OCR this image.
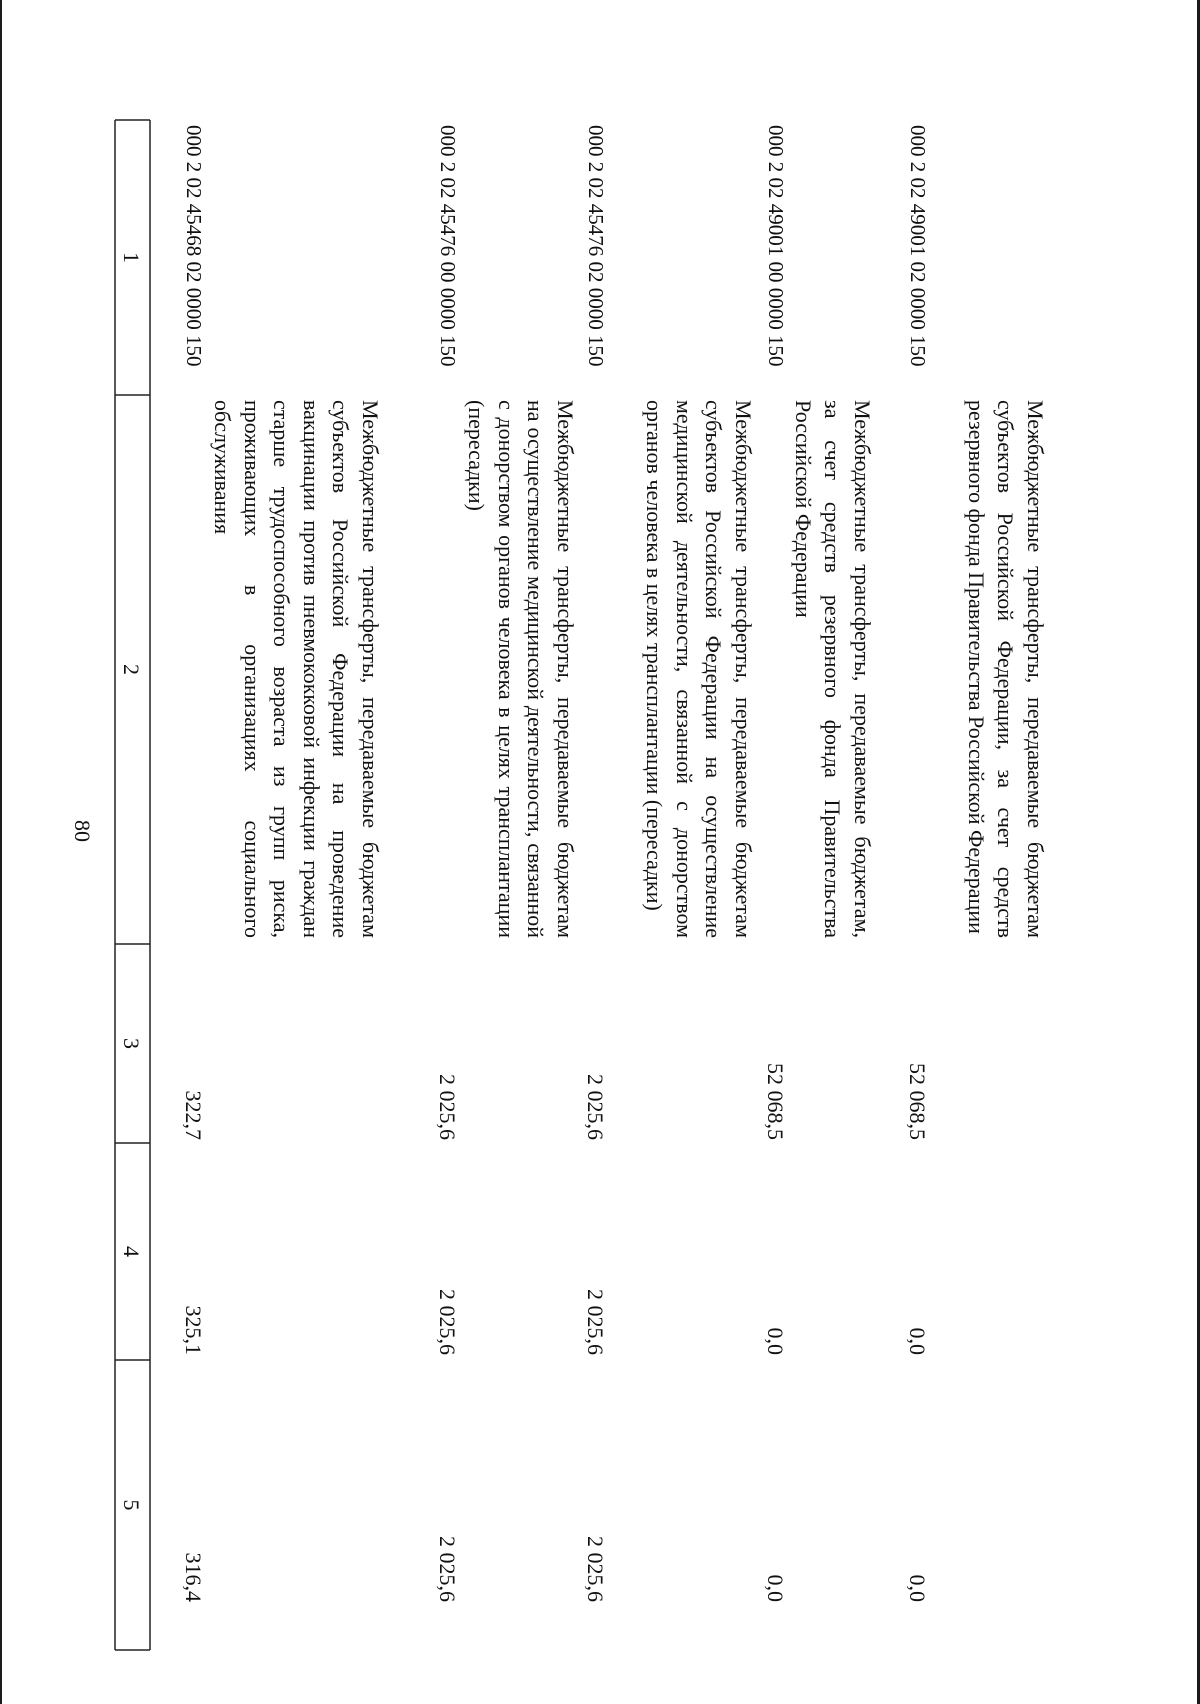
80
1
2
3
4
5
000 2 02 45468 02 0000 150
Межбюджетные трансферты, передаваемые бюджетам субъектов Российской Федерации на проведение вакцинации против пневмококковой инфекции граждан старше трудоспособного возраста из групп риска, проживающих в организациях социального обслуживания
322,7
325,1
316,4
000 2 02 45476 00 0000 150
Межбюджетные трансферты, передаваемые бюджетам на осуществление медицинской деятельности, связанной с донорством органов человека в целях трансплантации (пересадки)
2 025,6
2 025,6
2 025,6
000 2 02 45476 02 0000 150
Межбюджетные трансферты, передаваемые бюджетам субъектов Российской Федерации на осуществление медицинской деятельности, связанной с донорством органов человека в целях трансплантации (пересадки)
2 025,6
2 025,6
2 025,6
000 2 02 49001 00 0000 150
Межбюджетные трансферты, передаваемые бюджетам, за счет средств резервного фонда Правительства Российской Федерации
52 068,5
0,0
0,0
000 2 02 49001 02 0000 150
Межбюджетные трансферты, передаваемые бюджетам субъектов Российской Федерации, за счет средств резервного фонда Правительства Российской Федерации
52 068,5
0,0
0,0
